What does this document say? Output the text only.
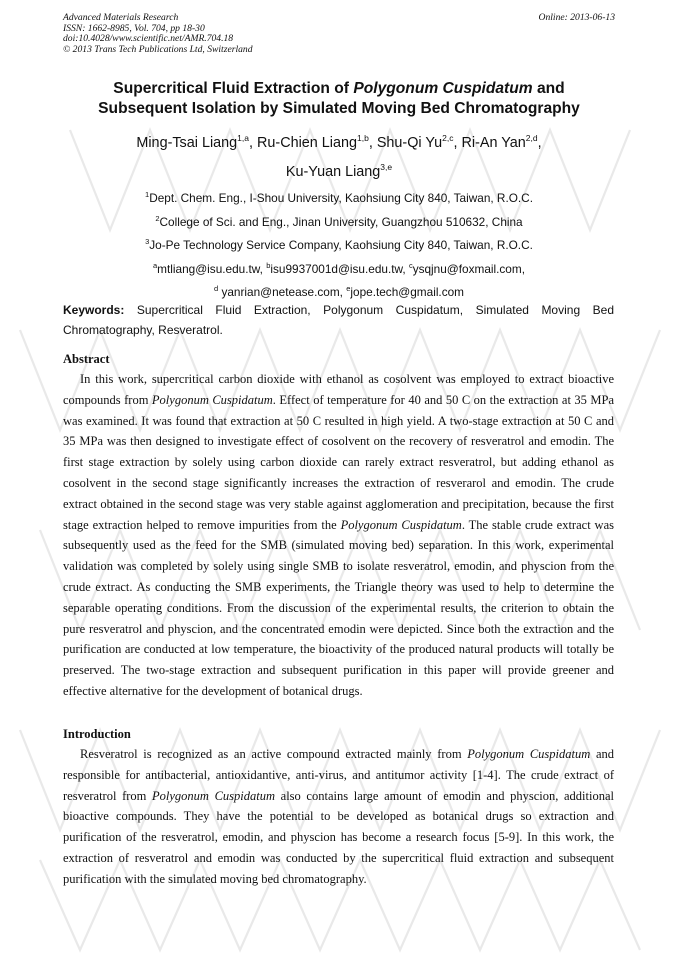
Advanced Materials Research
ISSN: 1662-8985, Vol. 704, pp 18-30
doi:10.4028/www.scientific.net/AMR.704.18
© 2013 Trans Tech Publications Ltd, Switzerland
Online: 2013-06-13
Supercritical Fluid Extraction of Polygonum Cuspidatum and
Subsequent Isolation by Simulated Moving Bed Chromatography
Ming-Tsai Liang$^{1,a}$, Ru-Chien Liang$^{1,b}$, Shu-Qi Yu$^{2,c}$, Ri-An Yan$^{2,d}$,
Ku-Yuan Liang$^{3,e}$
$^1$Dept. Chem. Eng., I-Shou University, Kaohsiung City 840, Taiwan, R.O.C.
$^2$College of Sci. and Eng., Jinan University, Guangzhou 510632, China
$^3$Jo-Pe Technology Service Company, Kaohsiung City 840, Taiwan, R.O.C.
$^a$mtliang@isu.edu.tw, $^b$isu9937001d@isu.edu.tw, $^c$ysqjnu@foxmail.com,
$^d$ yanrian@netease.com, $^e$jope.tech@gmail.com
Keywords: Supercritical Fluid Extraction, Polygonum Cuspidatum, Simulated Moving Bed Chromatography, Resveratrol.
Abstract
In this work, supercritical carbon dioxide with ethanol as cosolvent was employed to extract bioactive compounds from Polygonum Cuspidatum. Effect of temperature for 40 and 50 C on the extraction at 35 MPa was examined. It was found that extraction at 50 C resulted in high yield. A two-stage extraction at 50 C and 35 MPa was then designed to investigate effect of cosolvent on the recovery of resveratrol and emodin. The first stage extraction by solely using carbon dioxide can rarely extract resveratrol, but adding ethanol as cosolvent in the second stage significantly increases the extraction of resverarol and emodin. The crude extract obtained in the second stage was very stable against agglomeration and precipitation, because the first stage extraction helped to remove impurities from the Polygonum Cuspidatum. The stable crude extract was subsequently used as the feed for the SMB (simulated moving bed) separation. In this work, experimental validation was completed by solely using single SMB to isolate resveratrol, emodin, and physcion from the crude extract. As conducting the SMB experiments, the Triangle theory was used to help to determine the separable operating conditions. From the discussion of the experimental results, the criterion to obtain the pure resveratrol and physcion, and the concentrated emodin were depicted. Since both the extraction and the purification are conducted at low temperature, the bioactivity of the produced natural products will totally be preserved. The two-stage extraction and subsequent purification in this paper will provide greener and effective alternative for the development of botanical drugs.
Introduction
Resveratrol is recognized as an active compound extracted mainly from Polygonum Cuspidatum and responsible for antibacterial, antioxidantive, anti-virus, and antitumor activity [1-4]. The crude extract of resveratrol from Polygonum Cuspidatum also contains large amount of emodin and physcion, additional bioactive compounds. They have the potential to be developed as botanical drugs so extraction and purification of the resveratrol, emodin, and physcion has become a research focus [5-9]. In this work, the extraction of resveratrol and emodin was conducted by the supercritical fluid extraction and subsequent purification with the simulated moving bed chromatography.
